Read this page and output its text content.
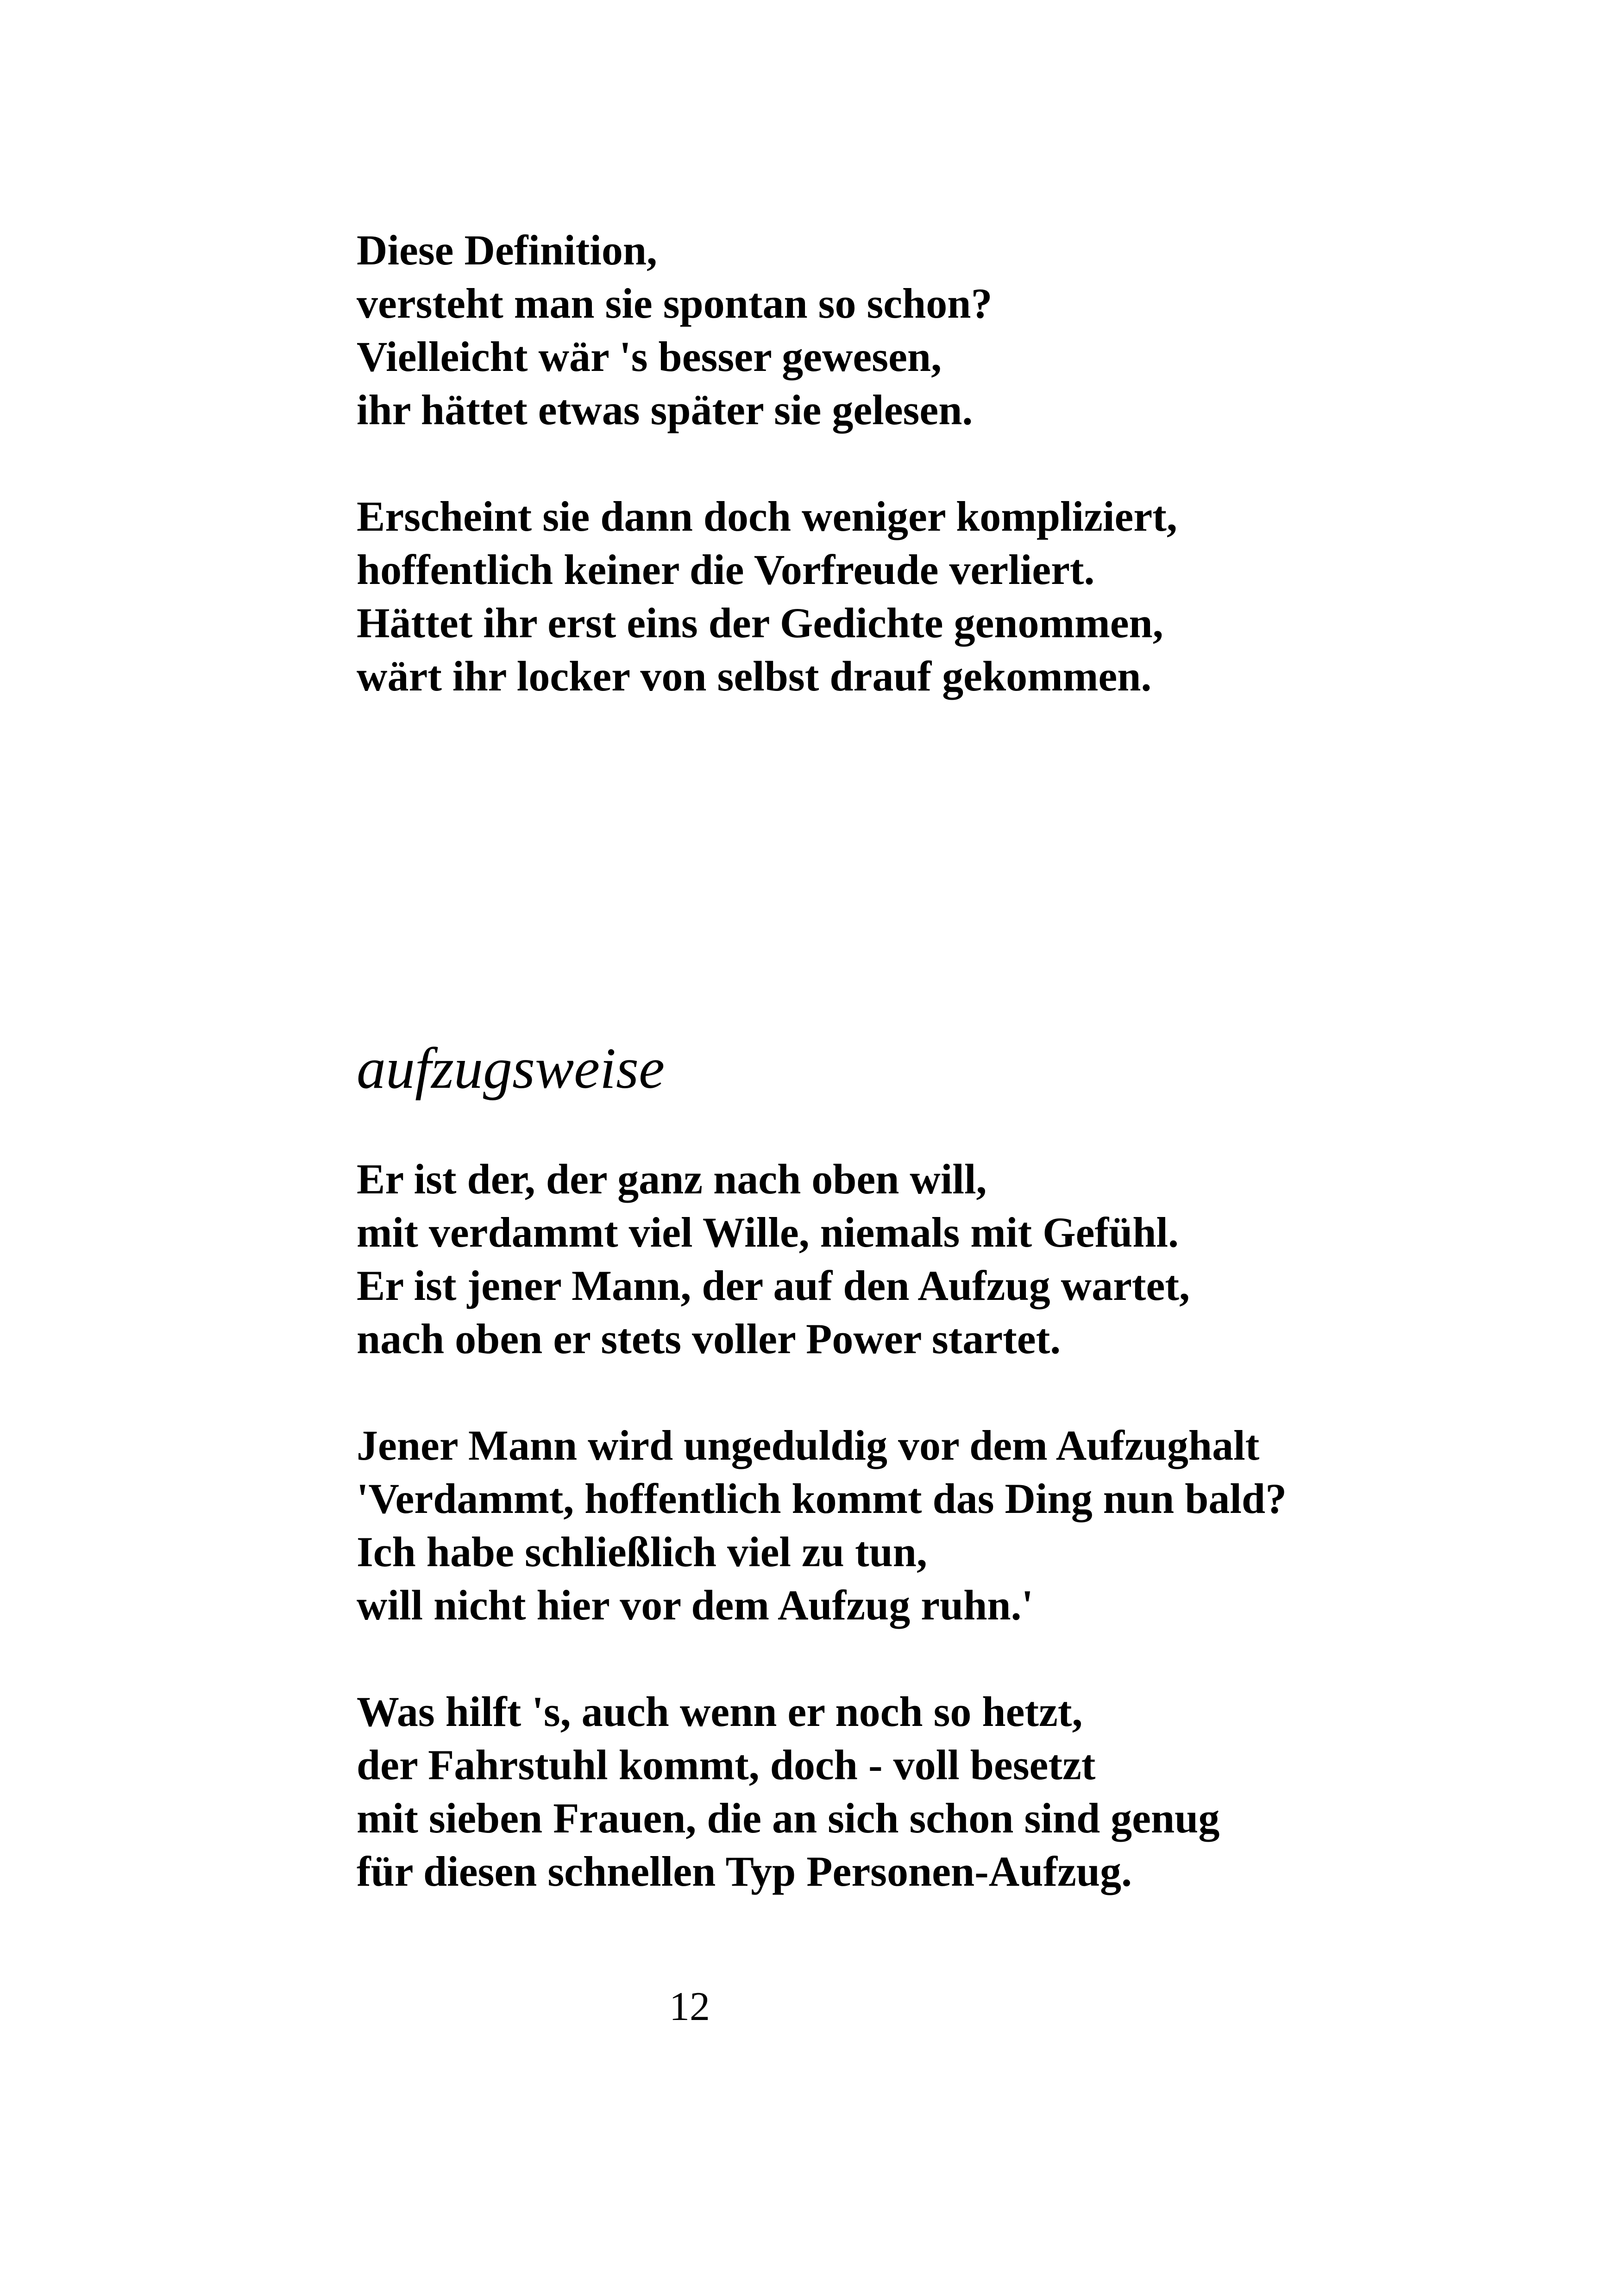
Diese Definition,

versteht man sie spontan so schon?

Vielleicht wär 's besser gewesen,

ihr hättet etwas später sie gelesen.

Erscheint sie dann doch weniger kompliziert,

hoffentlich keiner die Vorfreude verliert.

Hättet ihr erst eins der Gedichte genommen,

wärt ihr locker von selbst drauf gekommen.

aufzugsweise

Er ist der, der ganz nach oben will,

mit verdammt viel Wille, niemals mit Gefühl.

Er ist jener Mann, der auf den Aufzug wartet,

nach oben er stets voller Power startet.

Jener Mann wird ungeduldig vor dem Aufzughalt

'Verdammt, hoffentlich kommt das Ding nun bald?

Ich habe schließlich viel zu tun,

will nicht hier vor dem Aufzug ruhn.'

Was hilft 's, auch wenn er noch so hetzt,

der Fahrstuhl kommt, doch - voll besetzt

mit sieben Frauen, die an sich schon sind genug

für diesen schnellen Typ Personen-Aufzug.

12
